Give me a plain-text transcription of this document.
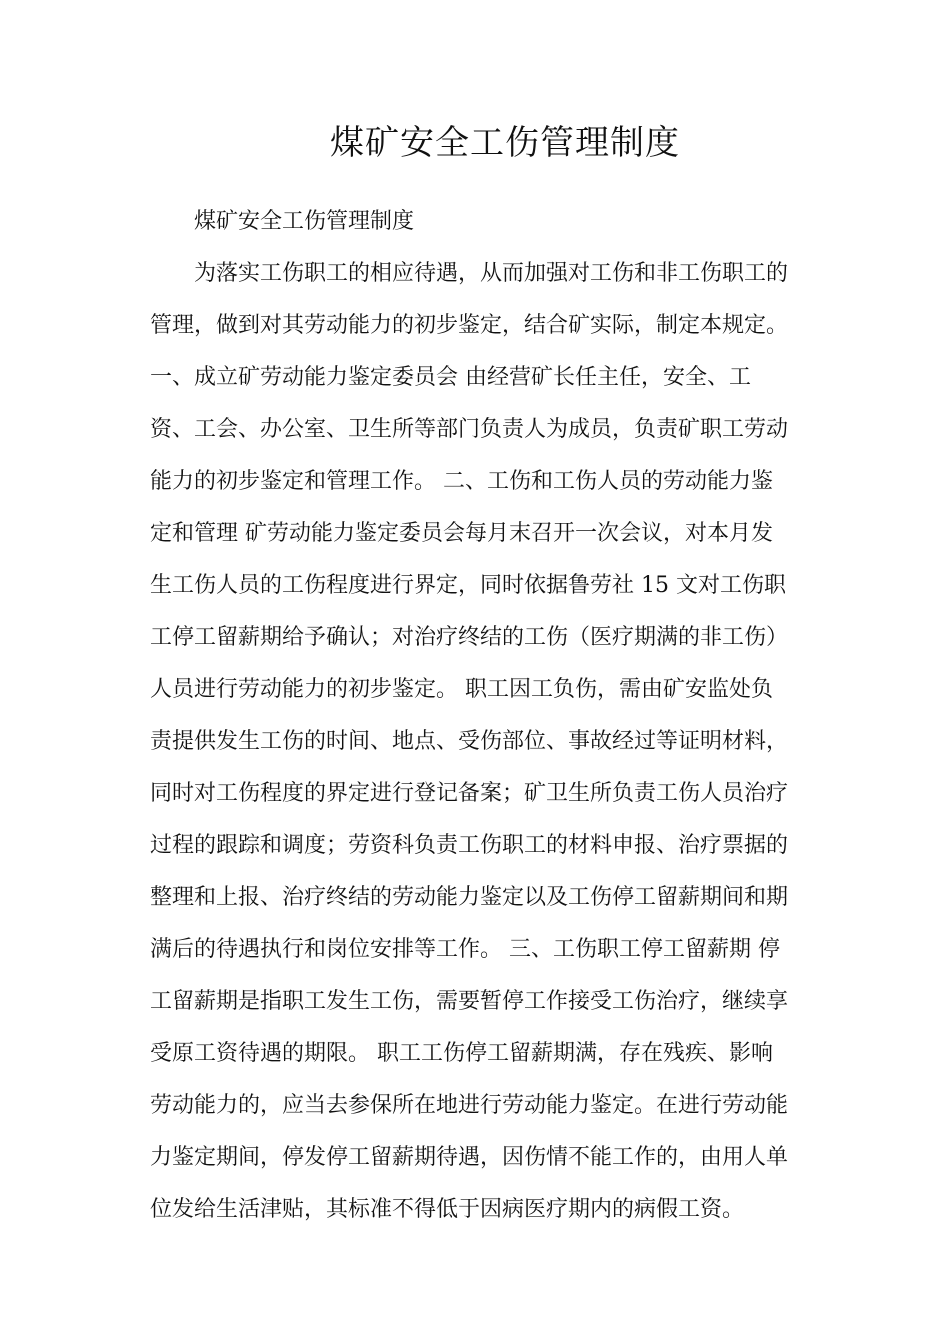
煤矿安全工伤管理制度
煤矿安全工伤管理制度
为落实工伤职工的相应待遇，从而加强对工伤和非工伤职工的
管理，做到对其劳动能力的初步鉴定，结合矿实际，制定本规定。
一、成立矿劳动能力鉴定委员会 由经营矿长任主任，安全、工
资、工会、办公室、卫生所等部门负责人为成员，负责矿职工劳动
能力的初步鉴定和管理工作。 二、工伤和工伤人员的劳动能力鉴
定和管理 矿劳动能力鉴定委员会每月末召开一次会议，对本月发
生工伤人员的工伤程度进行界定，同时依据鲁劳社 15 文对工伤职
工停工留薪期给予确认；对治疗终结的工伤（医疗期满的非工伤）
人员进行劳动能力的初步鉴定。 职工因工负伤，需由矿安监处负
责提供发生工伤的时间、地点、受伤部位、事故经过等证明材料，
同时对工伤程度的界定进行登记备案；矿卫生所负责工伤人员治疗
过程的跟踪和调度；劳资科负责工伤职工的材料申报、治疗票据的
整理和上报、治疗终结的劳动能力鉴定以及工伤停工留薪期间和期
满后的待遇执行和岗位安排等工作。 三、工伤职工停工留薪期 停
工留薪期是指职工发生工伤，需要暂停工作接受工伤治疗，继续享
受原工资待遇的期限。 职工工伤停工留薪期满，存在残疾、影响
劳动能力的，应当去参保所在地进行劳动能力鉴定。在进行劳动能
力鉴定期间，停发停工留薪期待遇，因伤情不能工作的，由用人单
位发给生活津贴，其标准不得低于因病医疗期内的病假工资。
